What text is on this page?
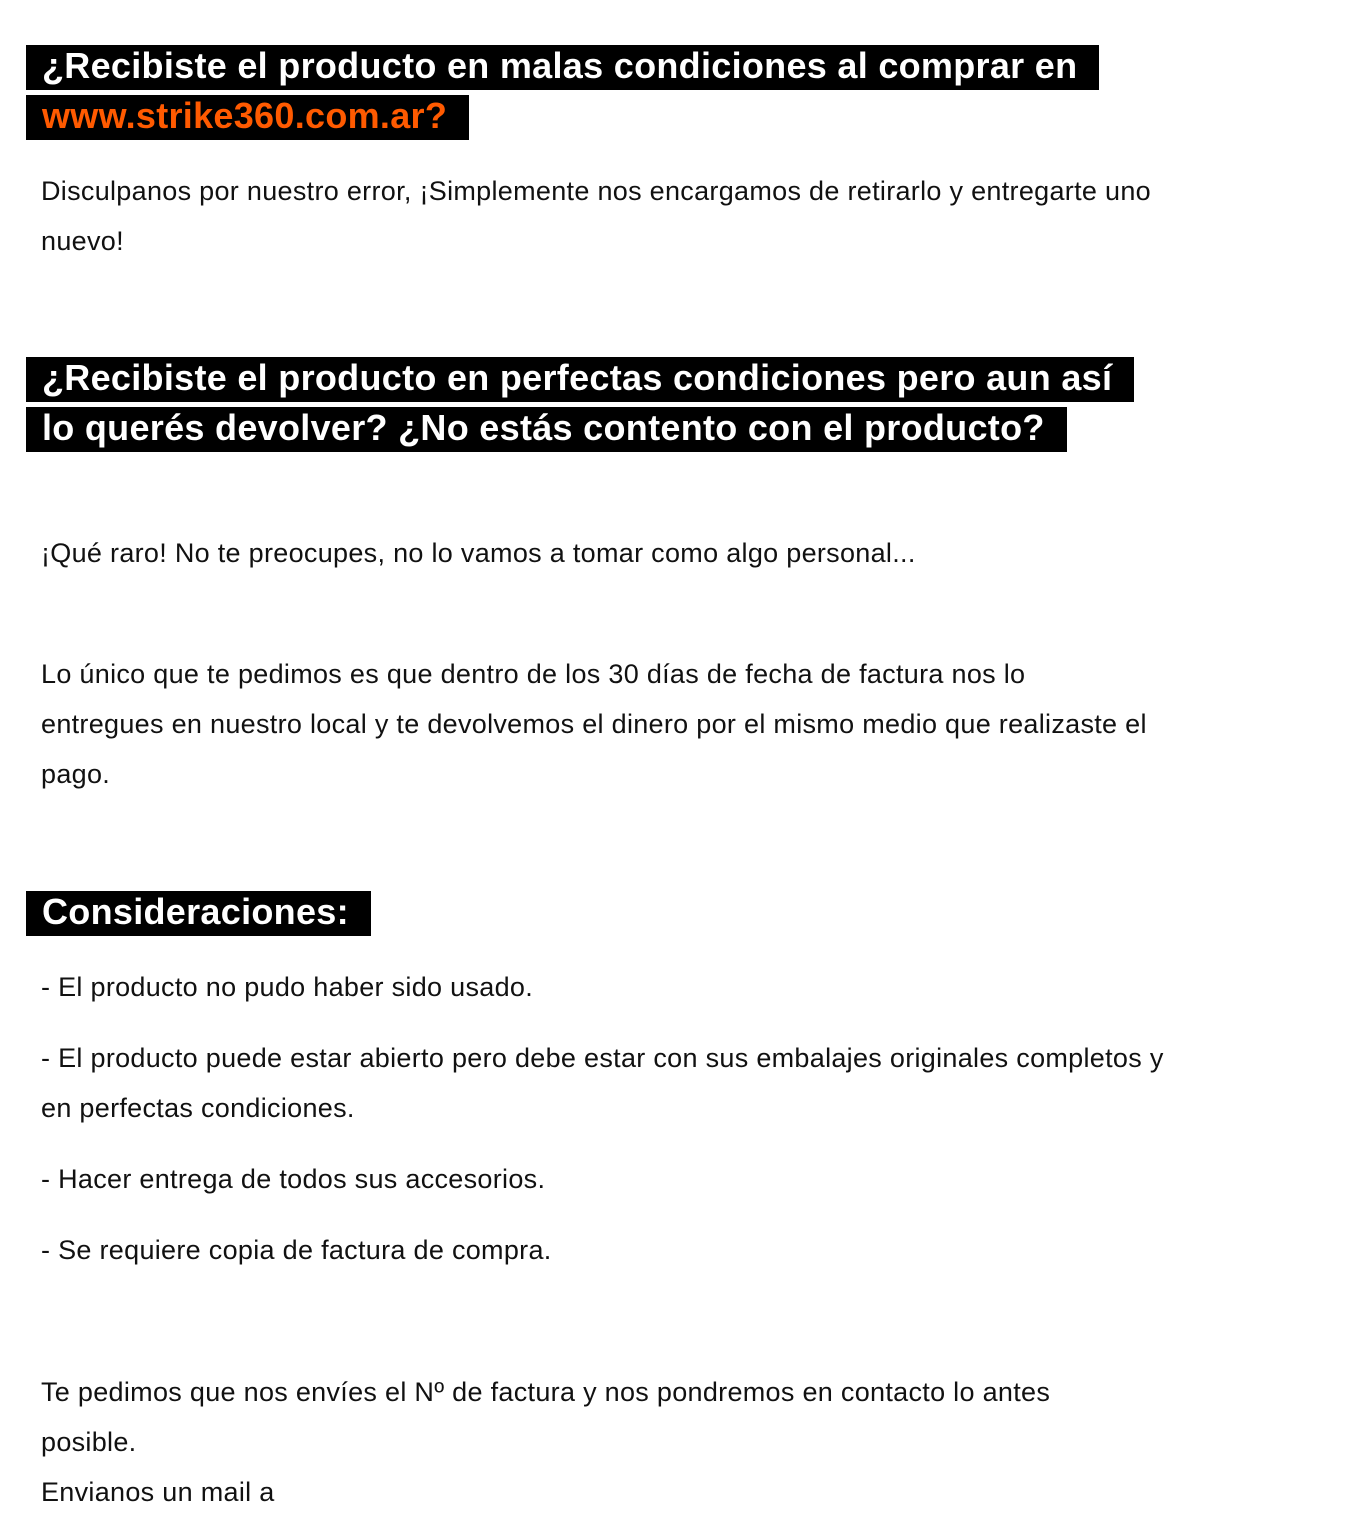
¿Recibiste el producto en malas condiciones al comprar en www.strike360.com.ar?

Disculpanos por nuestro error, ¡Simplemente nos encargamos de retirarlo y entregarte uno nuevo!

¿Recibiste el producto en perfectas condiciones pero aun así lo querés devolver? ¿No estás contento con el producto?

¡Qué raro! No te preocupes, no lo vamos a tomar como algo personal...

Lo único que te pedimos es que dentro de los 30 días de fecha de factura nos lo entregues en nuestro local y te devolvemos el dinero por el mismo medio que realizaste el pago.

Consideraciones:

- El producto no pudo haber sido usado.

- El producto puede estar abierto pero debe estar con sus embalajes originales completos y en perfectas condiciones.

- Hacer entrega de todos sus accesorios.

- Se requiere copia de factura de compra.

Te pedimos que nos envíes el Nº de factura y nos pondremos en contacto lo antes posible.

Envianos un mail a
